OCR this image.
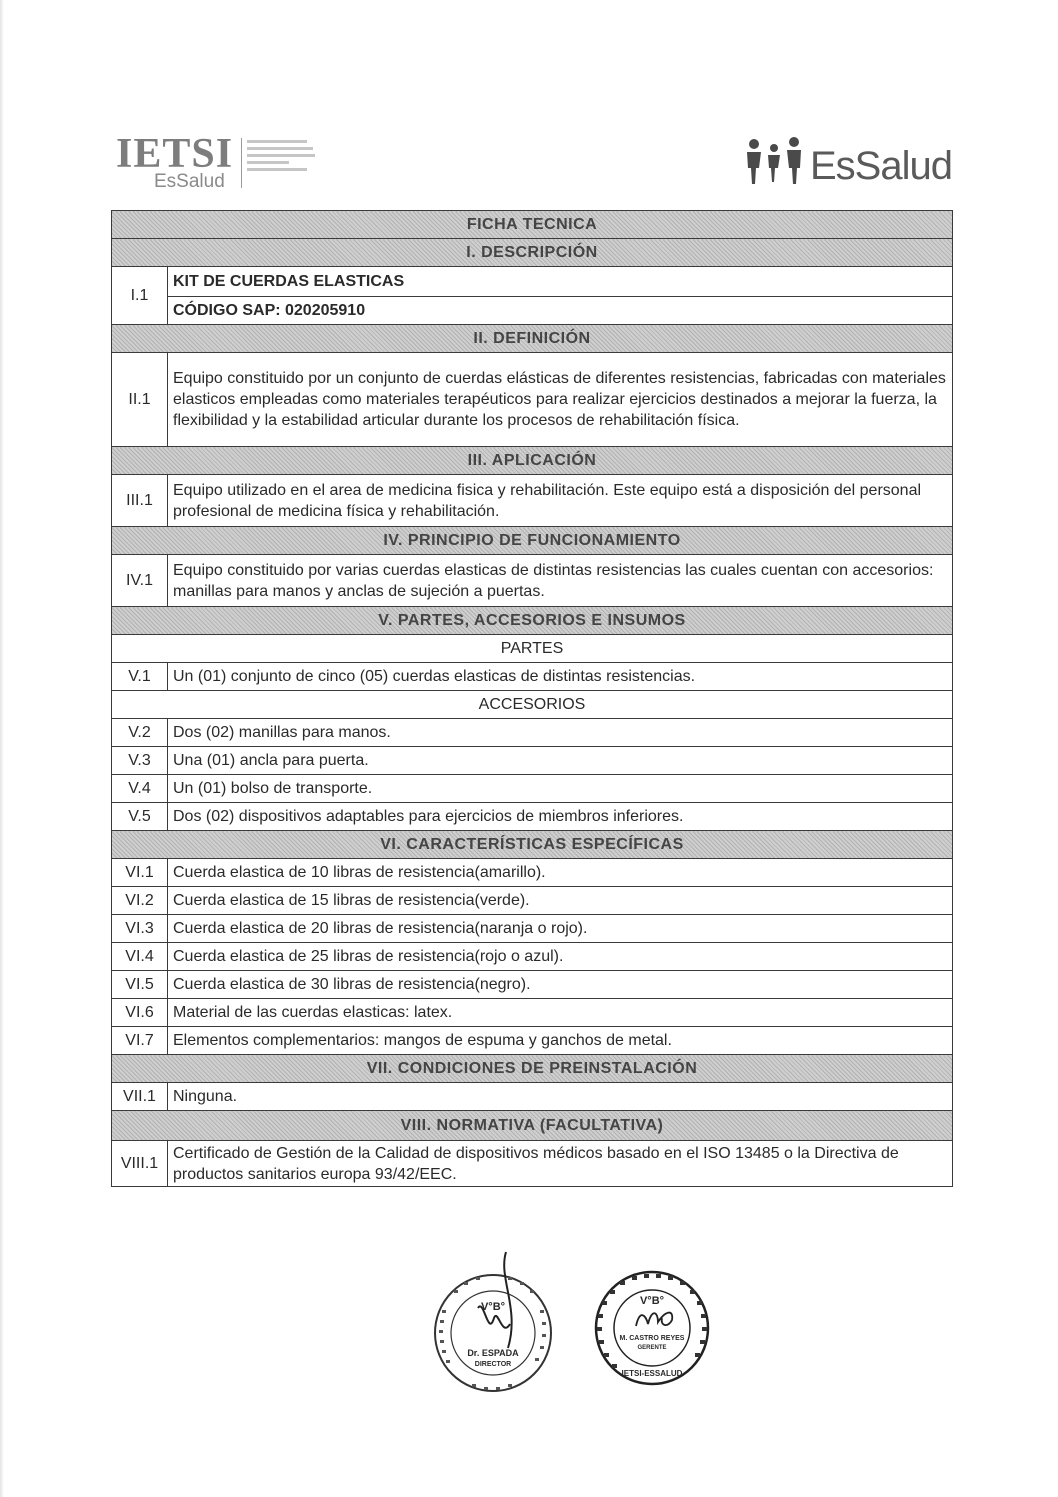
IETSI
EsSalud	EsSalud
FICHA TECNICA	
I. DESCRIPCIÓN	
I.1	KIT DE CUERDAS ELASTICAS
	CÓDIGO SAP: 020205910
II. DEFINICIÓN	
II.1	Equipo constituido por un conjunto de cuerdas elásticas de diferentes resistencias, fabricadas con materiales elasticos empleadas como materiales terapéuticos para realizar ejercicios destinados a mejorar la fuerza, la flexibilidad y la estabilidad articular durante los procesos de rehabilitación física.
III. APLICACIÓN	
III.1	Equipo utilizado en el area de medicina fisica y rehabilitación. Este equipo está a disposición del personal profesional de medicina física y rehabilitación.
IV. PRINCIPIO DE FUNCIONAMIENTO	
IV.1	Equipo constituido por varias cuerdas elasticas de distintas resistencias las cuales cuentan con accesorios: manillas para manos y anclas de sujeción a puertas.
V. PARTES, ACCESORIOS E INSUMOS	
PARTES	
V.1	Un (01) conjunto de cinco (05) cuerdas elasticas de distintas resistencias.
ACCESORIOS	
V.2	Dos (02) manillas para manos.
V.3	Una (01) ancla para puerta.
V.4	Un (01) bolso de transporte.
V.5	Dos (02) dispositivos adaptables para ejercicios de miembros inferiores.
VI. CARACTERÍSTICAS ESPECÍFICAS	
VI.1	Cuerda elastica de 10 libras de resistencia(amarillo).
VI.2	Cuerda elastica de 15 libras de resistencia(verde).
VI.3	Cuerda elastica de 20 libras de resistencia(naranja o rojo).
VI.4	Cuerda elastica de 25 libras de resistencia(rojo o azul).
VI.5	Cuerda elastica de 30 libras de resistencia(negro).
VI.6	Material de las cuerdas elasticas: latex.
VI.7	Elementos complementarios: mangos de espuma y ganchos de metal.
VII. CONDICIONES DE PREINSTALACIÓN	
VII.1	Ninguna.
VIII. NORMATIVA (FACULTATIVA)	
VIII.1	Certificado de Gestión de la Calidad de dispositivos médicos basado en el ISO 13485 o la Directiva de productos sanitarios europa 93/42/EEC.
V°B°
Dr. ESPADA
DIRECTOR
IETSI-ESSALUD
V°B°
M. CASTRO REYES
GERENTE
